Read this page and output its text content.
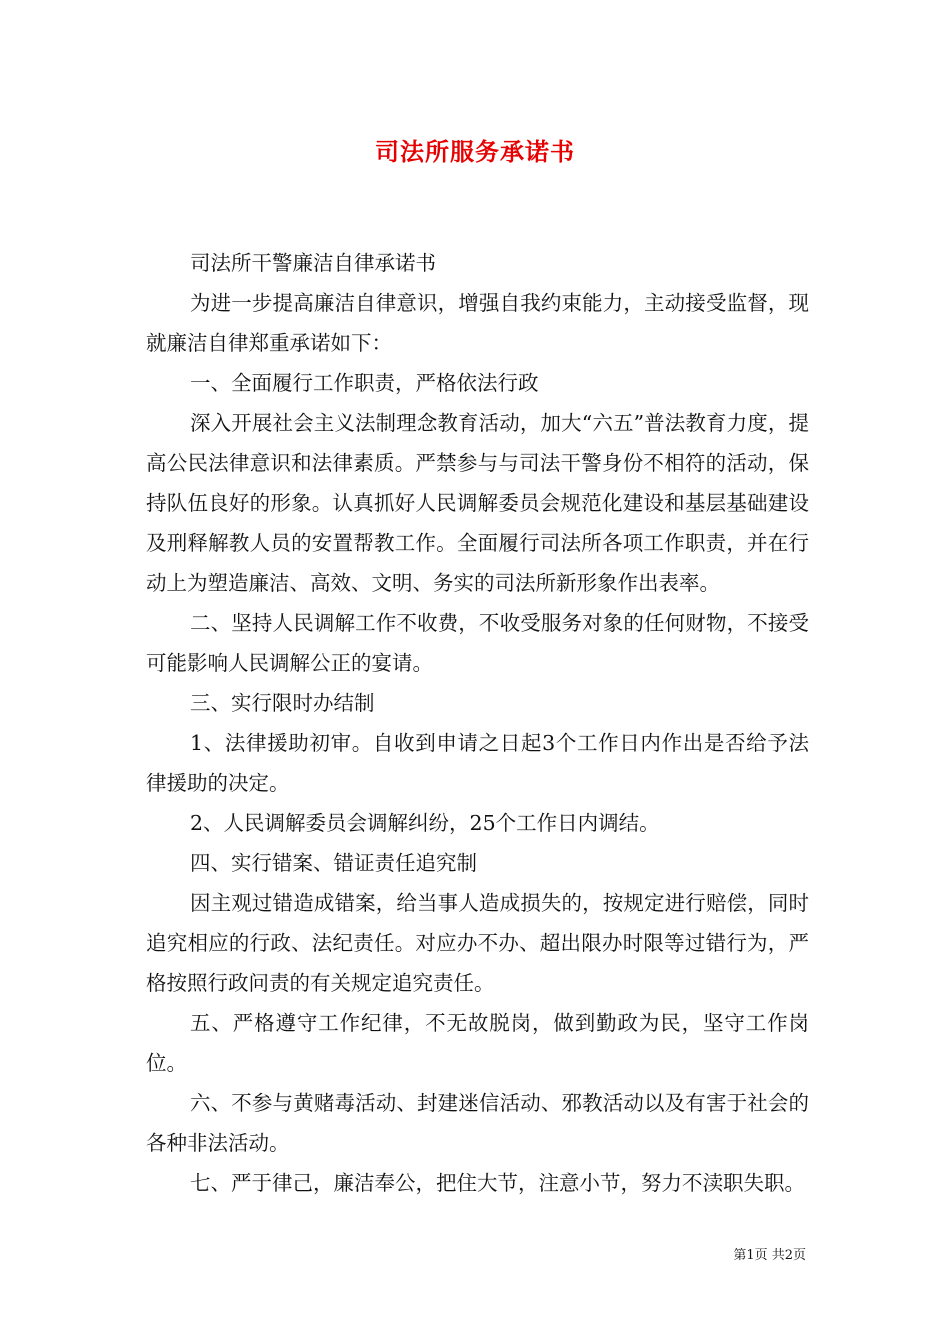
司法所服务承诺书

司法所干警廉洁自律承诺书

为进一步提高廉洁自律意识，增强自我约束能力，主动接受监督，现就廉洁自律郑重承诺如下：

一、全面履行工作职责，严格依法行政

深入开展社会主义法制理念教育活动，加大“六五”普法教育力度，提高公民法律意识和法律素质。严禁参与与司法干警身份不相符的活动，保持队伍良好的形象。认真抓好人民调解委员会规范化建设和基层基础建设及刑释解教人员的安置帮教工作。全面履行司法所各项工作职责，并在行动上为塑造廉洁、高效、文明、务实的司法所新形象作出表率。

二、坚持人民调解工作不收费，不收受服务对象的任何财物，不接受可能影响人民调解公正的宴请。

三、实行限时办结制

1、法律援助初审。自收到申请之日起3个工作日内作出是否给予法律援助的决定。

2、人民调解委员会调解纠纷，25个工作日内调结。

四、实行错案、错证责任追究制

因主观过错造成错案，给当事人造成损失的，按规定进行赔偿，同时追究相应的行政、法纪责任。对应办不办、超出限办时限等过错行为，严格按照行政问责的有关规定追究责任。

五、严格遵守工作纪律，不无故脱岗，做到勤政为民，坚守工作岗位。

六、不参与黄赌毒活动、封建迷信活动、邪教活动以及有害于社会的各种非法活动。

七、严于律己，廉洁奉公，把住大节，注意小节，努力不渎职失职。

第1页 共2页
